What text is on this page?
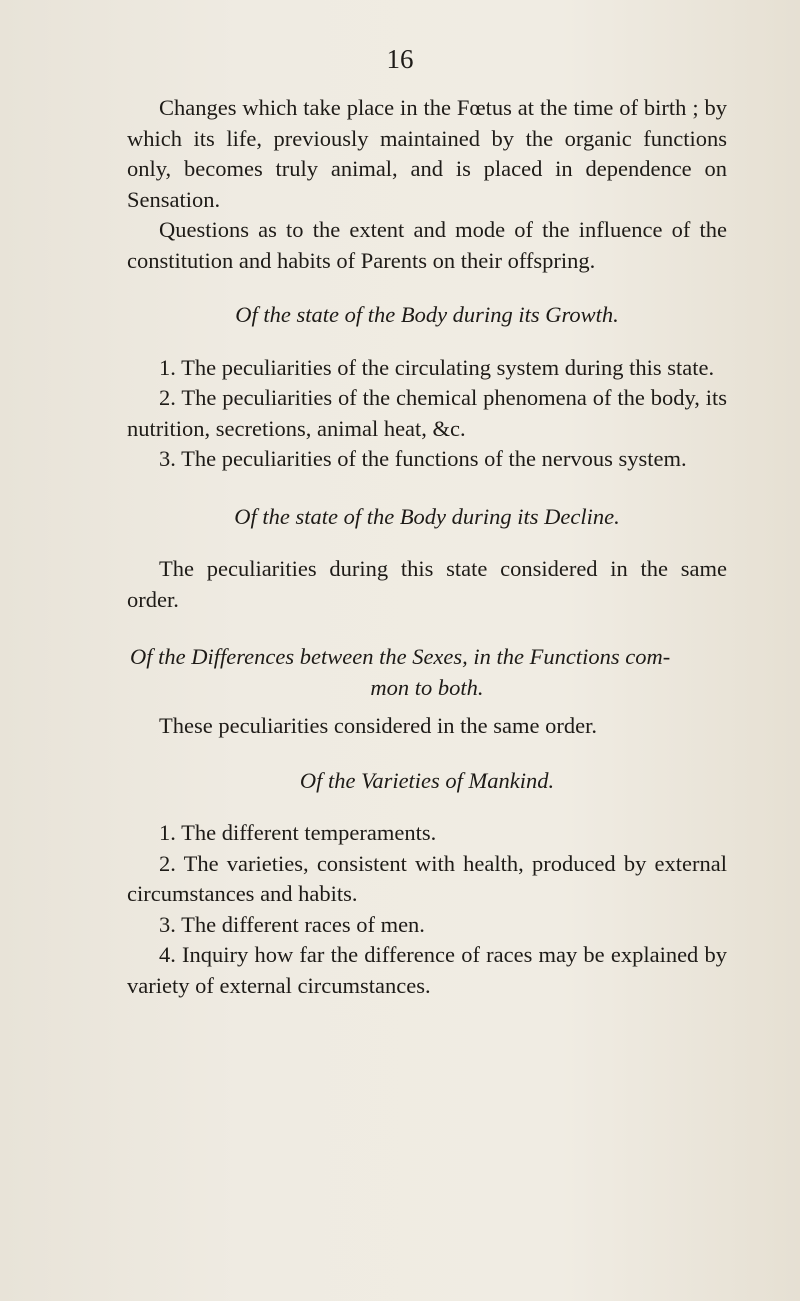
16

Changes which take place in the Fœtus at the time of birth ; by which its life, previously maintained by the organic functions only, becomes truly animal, and is placed in dependence on Sensation.

Questions as to the extent and mode of the influence of the constitution and habits of Parents on their offspring.

Of the state of the Body during its Growth.

1. The peculiarities of the circulating system during this state.

2. The peculiarities of the chemical phenomena of the body, its nutrition, secretions, animal heat, &c.

3. The peculiarities of the functions of the nervous system.

Of the state of the Body during its Decline.

The peculiarities during this state considered in the same order.

Of the Differences between the Sexes, in the Functions com-

mon to both.

These peculiarities considered in the same order.

Of the Varieties of Mankind.

1. The different temperaments.

2. The varieties, consistent with health, produced by external circumstances and habits.

3. The different races of men.

4. Inquiry how far the difference of races may be explained by variety of external circumstances.
